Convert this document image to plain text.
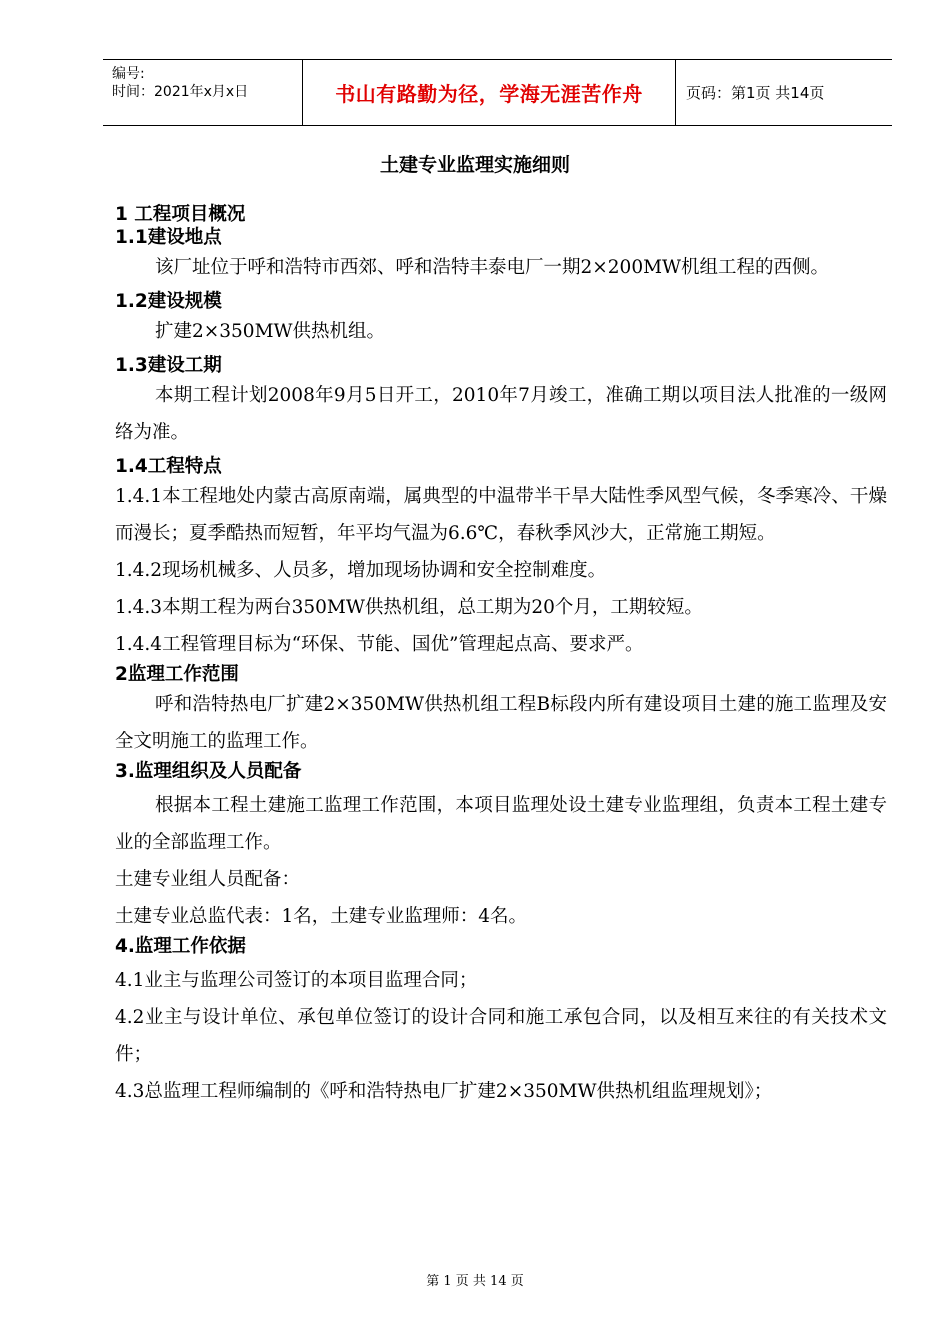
编号:
时间：2021年x月x日	书山有路勤为径，学海无涯苦作舟	页码：第1页 共14页
土建专业监理实施细则
1 工程项目概况
1.1建设地点

该厂址位于呼和浩特市西郊、呼和浩特丰泰电厂一期2×200MW机组工程的西侧。

1.2建设规模

扩建2×350MW供热机组。

1.3建设工期

本期工程计划2008年9月5日开工，2010年7月竣工，准确工期以项目法人批准的一级网络为准。

1.4工程特点

1.4.1本工程地处内蒙古高原南端，属典型的中温带半干旱大陆性季风型气候，冬季寒冷、干燥而漫长；夏季酷热而短暂，年平均气温为6.6℃，春秋季风沙大，正常施工期短。

1.4.2现场机械多、人员多，增加现场协调和安全控制难度。

1.4.3本期工程为两台350MW供热机组，总工期为20个月，工期较短。

1.4.4工程管理目标为“环保、节能、国优”管理起点高、要求严。

2监理工作范围

呼和浩特热电厂扩建2×350MW供热机组工程B标段内所有建设项目土建的施工监理及安全文明施工的监理工作。

3.监理组织及人员配备

根据本工程土建施工监理工作范围，本项目监理处设土建专业监理组，负责本工程土建专业的全部监理工作。

土建专业组人员配备：

土建专业总监代表：1名，土建专业监理师：4名。

4.监理工作依据

4.1业主与监理公司签订的本项目监理合同；

4.2业主与设计单位、承包单位签订的设计合同和施工承包合同，以及相互来往的有关技术文件；

4.3总监理工程师编制的《呼和浩特热电厂扩建2×350MW供热机组监理规划》；

第 1 页 共 14 页
